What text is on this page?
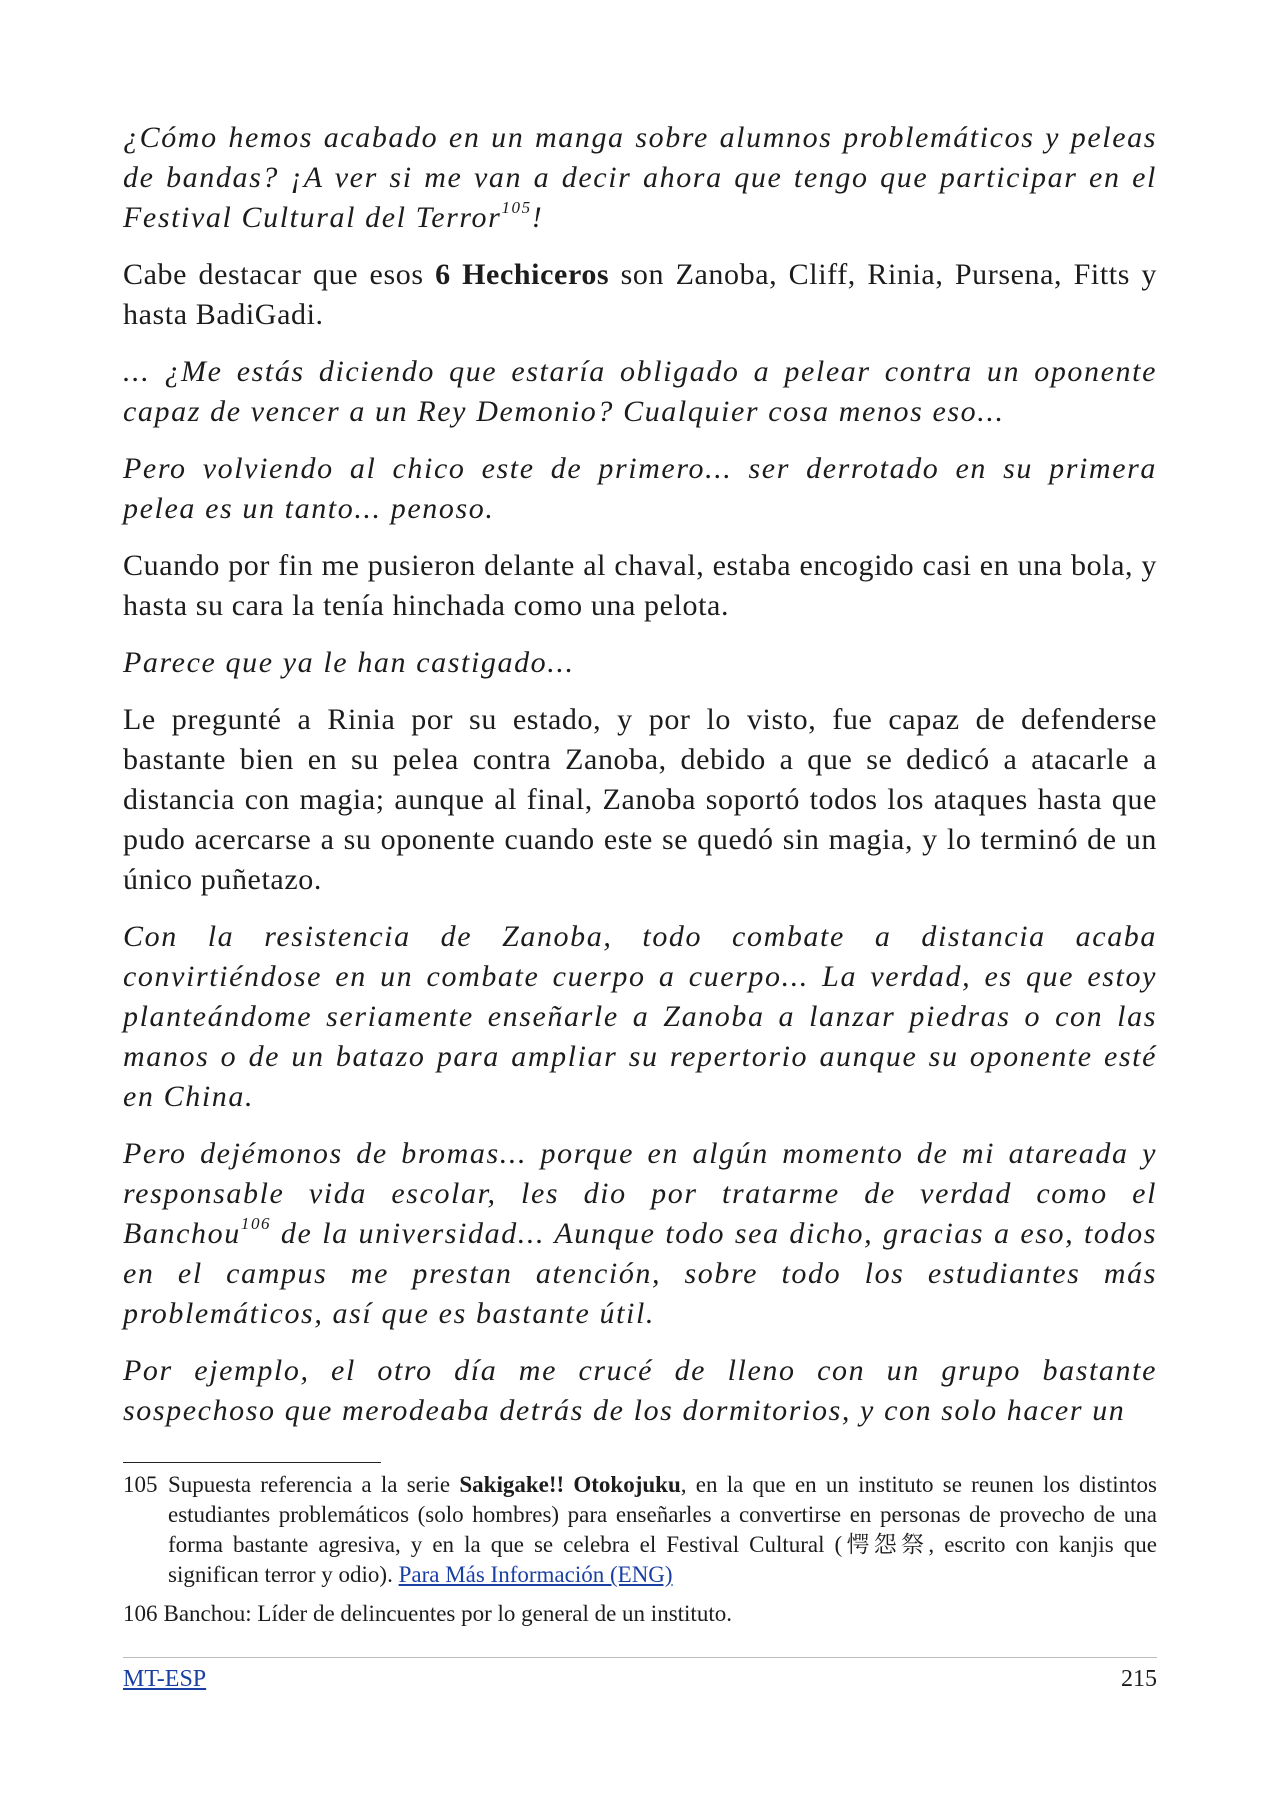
¿Cómo hemos acabado en un manga sobre alumnos problemáticos y peleas de bandas? ¡A ver si me van a decir ahora que tengo que participar en el Festival Cultural del Terror$^{105}$!

Cabe destacar que esos 6 Hechiceros son Zanoba, Cliff, Rinia, Pursena, Fitts y hasta BadiGadi.

... ¿Me estás diciendo que estaría obligado a pelear contra un oponente capaz de vencer a un Rey Demonio? Cualquier cosa menos eso...

Pero volviendo al chico este de primero... ser derrotado en su primera pelea es un tanto... penoso.

Cuando por fin me pusieron delante al chaval, estaba encogido casi en una bola, y hasta su cara la tenía hinchada como una pelota.

Parece que ya le han castigado...

Le pregunté a Rinia por su estado, y por lo visto, fue capaz de defenderse bastante bien en su pelea contra Zanoba, debido a que se dedicó a atacarle a distancia con magia; aunque al final, Zanoba soportó todos los ataques hasta que pudo acercarse a su oponente cuando este se quedó sin magia, y lo terminó de un único puñetazo.

Con la resistencia de Zanoba, todo combate a distancia acaba convirtiéndose en un combate cuerpo a cuerpo... La verdad, es que estoy planteándome seriamente enseñarle a Zanoba a lanzar piedras o con las manos o de un batazo para ampliar su repertorio aunque su oponente esté en China.

Pero dejémonos de bromas... porque en algún momento de mi atareada y responsable vida escolar, les dio por tratarme de verdad como el Banchou$^{106}$ de la universidad... Aunque todo sea dicho, gracias a eso, todos en el campus me prestan atención, sobre todo los estudiantes más problemáticos, así que es bastante útil.

Por ejemplo, el otro día me crucé de lleno con un grupo bastante sospechoso que merodeaba detrás de los dormitorios, y con solo hacer un

105 Supuesta referencia a la serie Sakigake!! Otokojuku, en la que en un instituto se reunen los distintos estudiantes problemáticos (solo hombres) para enseñarles a convertirse en personas de provecho de una forma bastante agresiva, y en la que se celebra el Festival Cultural (愕怨祭, escrito con kanjis que significan terror y odio). Para Más Información (ENG)
106 Banchou: Líder de delincuentes por lo general de un instituto.
MT-ESP	215
